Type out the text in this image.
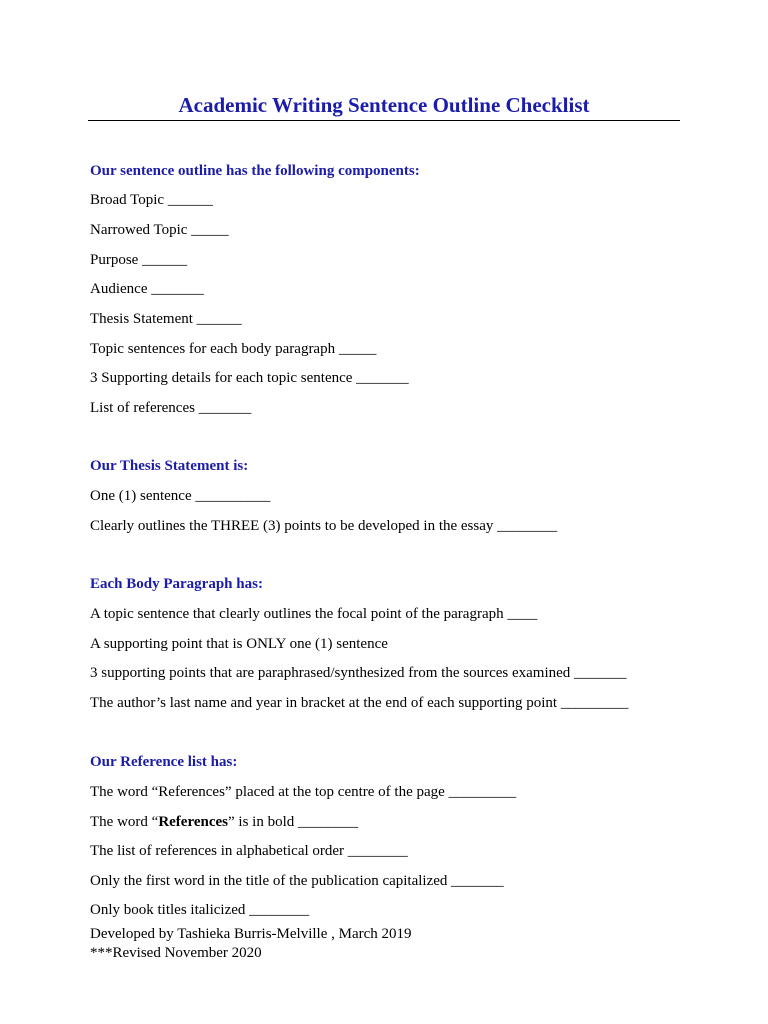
Academic Writing Sentence Outline Checklist

Our sentence outline has the following components:

Broad Topic ______

Narrowed Topic _____

Purpose ______

Audience _______

Thesis Statement ______

Topic sentences for each body paragraph _____

3 Supporting details for each topic sentence _______

List of references _______

Our Thesis Statement is:

One (1) sentence __________

Clearly outlines the THREE (3) points to be developed in the essay ________

Each Body Paragraph has:

A topic sentence that clearly outlines the focal point of the paragraph ____

A supporting point that is ONLY one (1) sentence

3 supporting points that are paraphrased/synthesized from the sources examined _______

The author’s last name and year in bracket at the end of each supporting point _________

Our Reference list has:

The word “References” placed at the top centre of the page _________

The word “References” is in bold ________

The list of references in alphabetical order ________

Only the first word in the title of the publication capitalized _______

Only book titles italicized ________

Developed by Tashieka Burris-Melville , March 2019

***Revised November 2020
